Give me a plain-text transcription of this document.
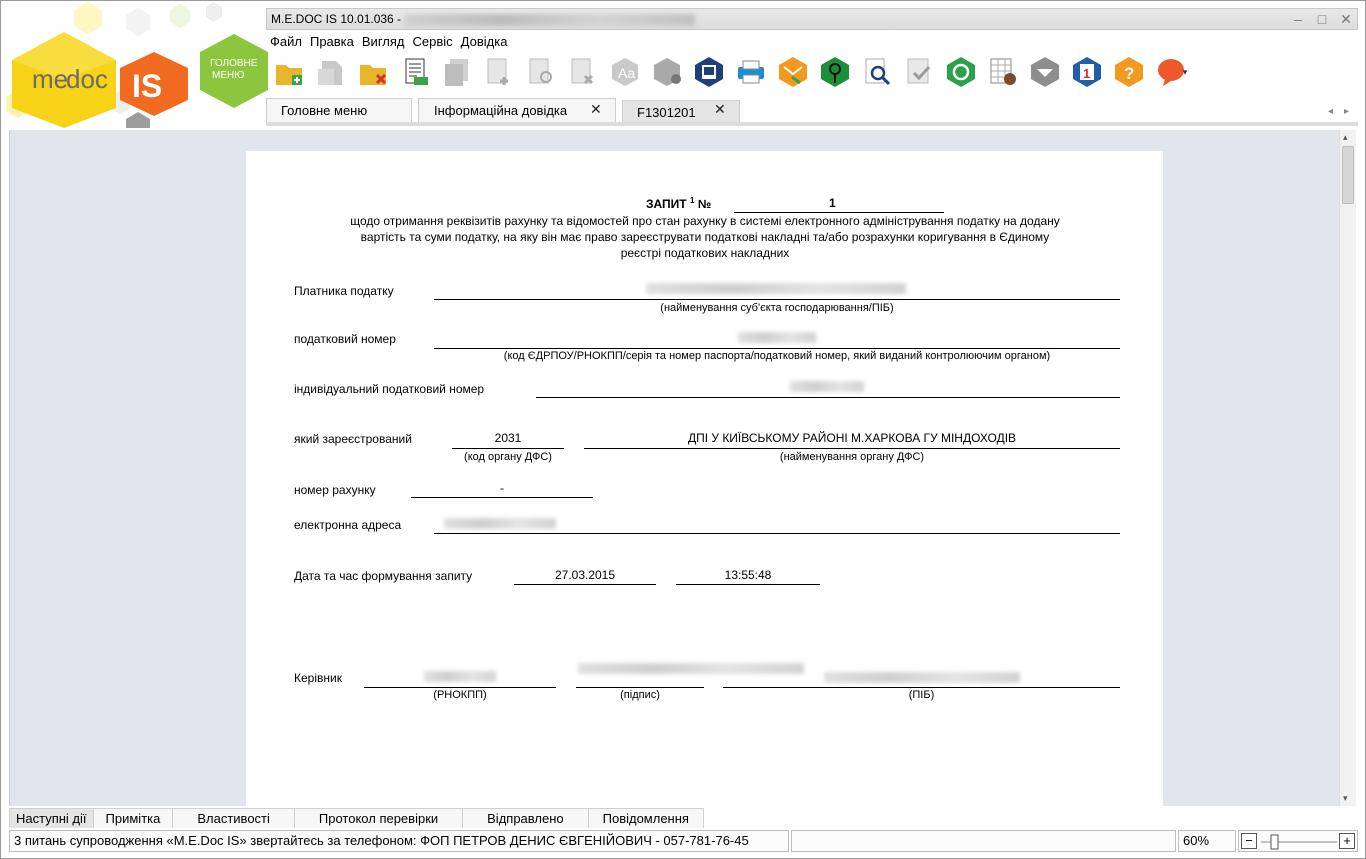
me
doc IS
ГОЛОВНЕ
МЕНЮ
M.E.DOC IS 10.01.036 -	– □ ✕
Файл Правка Вигляд Сервіс Довідка
Aa	1 ?	▾
Головне меню	Інформаційна довідка	✕	F1301201	✕	◂ ▸
ЗАПИТ $^1$ №	1
щодо отримання реквізитів рахунку та відомостей про стан рахунку в системі електронного адміністрування податку на додану
вартість та суми податку, на яку він має право зареєструвати податкові накладні та/або розрахунки коригування в Єдиному
реєстрі податкових накладних
Платника податку
(найменування суб'єкта господарювання/ПІБ)
податковий номер
(код ЄДРПОУ/РНОКПП/серія та номер паспорта/податковий номер, який виданий контролюючим органом)
індивідуальний податковий номер
який зареєстрований	2031
(код органу ДФС)
ДПІ У КИЇВСЬКОМУ РАЙОНІ М.ХАРКОВА ГУ МІНДОХОДІВ
(найменування органу ДФС)
номер рахунку	-
електронна адреса
Дата та час формування запиту	27.03.2015	13:55:48
Керівник
(РНОКПП)	(підпис)	(ПІБ)
▴
▾
Наступні дії	Примітка	Властивості	Протокол перевірки	Відправлено	Повідомлення
3 питань супроводження «M.E.Doc IS» звертайтесь за телефоном: ФОП ПЕТРОВ ДЕНИС ЄВГЕНІЙОВИЧ - 057-781-76-45	60%	−	+
